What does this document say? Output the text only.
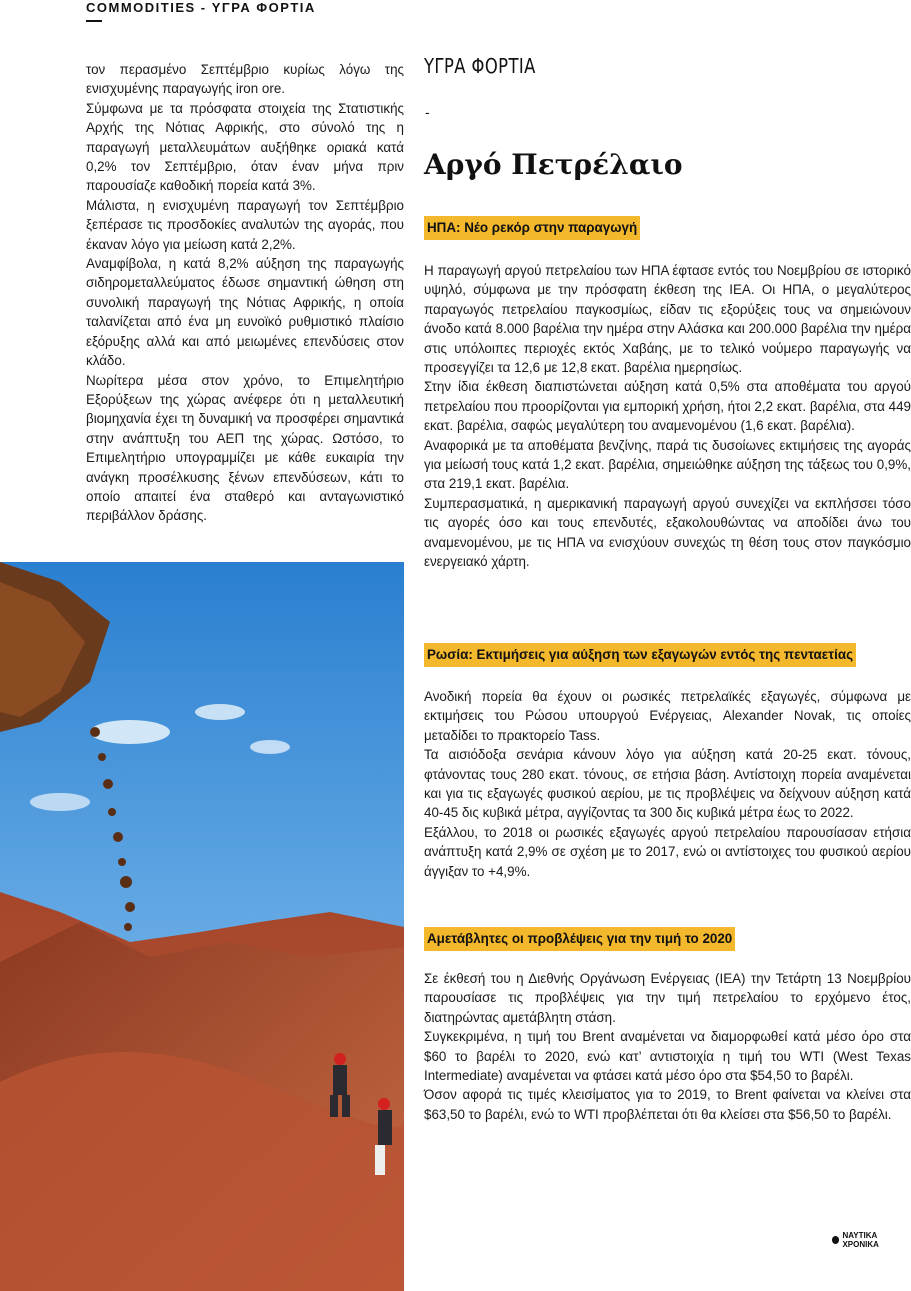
COMMODITIES - ΥΓΡΑ ΦΟΡΤΙΑ

τον περασμένο Σεπτέμβριο κυρίως λόγω της ενισχυμένης παραγωγής iron ore.

Σύμφωνα με τα πρόσφατα στοιχεία της Στατιστικής Αρχής της Νότιας Αφρικής, στο σύνολό της η παραγωγή μεταλλευμάτων αυξήθηκε οριακά κατά 0,2% τον Σεπτέμβριο, όταν έναν μήνα πριν παρουσίαζε καθοδική πορεία κατά 3%.

Μάλιστα, η ενισχυμένη παραγωγή τον Σεπτέμβριο ξεπέρασε τις προσδοκίες αναλυτών της αγοράς, που έκαναν λόγο για μείωση κατά 2,2%.

Αναμφίβολα, η κατά 8,2% αύξηση της παραγωγής σιδηρομεταλλεύματος έδωσε σημαντική ώθηση στη συνολική παραγωγή της Νότιας Αφρικής, η οποία ταλανίζεται από ένα μη ευνοϊκό ρυθμιστικό πλαίσιο εξόρυξης αλλά και από μειωμένες επενδύσεις στον κλάδο.

Νωρίτερα μέσα στον χρόνο, το Επιμελητήριο Εξορύξεων της χώρας ανέφερε ότι η μεταλλευτική βιομηχανία έχει τη δυναμική να προσφέρει σημαντικά στην ανάπτυξη του ΑΕΠ της χώρας. Ωστόσο, το Επιμελητήριο υπογραμμίζει με κάθε ευκαιρία την ανάγκη προσέλκυσης ξένων επενδύσεων, κάτι το οποίο απαιτεί ένα σταθερό και ανταγωνιστικό περιβάλλον δράσης.

ΥΓΡΑ ΦΟΡΤΙΑ
-
Αργό Πετρέλαιο
ΗΠΑ: Νέο ρεκόρ στην παραγωγή

Η παραγωγή αργού πετρελαίου των ΗΠΑ έφτασε εντός του Νοεμβρίου σε ιστορικό υψηλό, σύμφωνα με την πρόσφατη έκθεση της IEA. Οι ΗΠΑ, ο μεγαλύτερος παραγωγός πετρελαίου παγκοσμίως, είδαν τις εξορύξεις τους να σημειώνουν άνοδο κατά 8.000 βαρέλια την ημέρα στην Αλάσκα και 200.000 βαρέλια την ημέρα στις υπόλοιπες περιοχές εκτός Χαβάης, με το τελικό νούμερο παραγωγής να προσεγγίζει τα 12,6 με 12,8 εκατ. βαρέλια ημερησίως.

Στην ίδια έκθεση διαπιστώνεται αύξηση κατά 0,5% στα αποθέματα του αργού πετρελαίου που προορίζονται για εμπορική χρήση, ήτοι 2,2 εκατ. βαρέλια, στα 449 εκατ. βαρέλια, σαφώς μεγαλύτερη του αναμενομένου (1,6 εκατ. βαρέλια).

Αναφορικά με τα αποθέματα βενζίνης, παρά τις δυσοίωνες εκτιμήσεις της αγοράς για μείωσή τους κατά 1,2 εκατ. βαρέλια, σημειώθηκε αύξηση της τάξεως του 0,9%, στα 219,1 εκατ. βαρέλια.

Συμπερασματικά, η αμερικανική παραγωγή αργού συνεχίζει να εκπλήσσει τόσο τις αγορές όσο και τους επενδυτές, εξακολουθώντας να αποδίδει άνω του αναμενομένου, με τις ΗΠΑ να ενισχύουν συνεχώς τη θέση τους στον παγκόσμιο ενεργειακό χάρτη.

Ρωσία: Εκτιμήσεις για αύξηση των εξαγωγών εντός της πενταετίας

Ανοδική πορεία θα έχουν οι ρωσικές πετρελαϊκές εξαγωγές, σύμφωνα με εκτιμήσεις του Ρώσου υπουργού Ενέργειας, Alexander Novak, τις οποίες μεταδίδει το πρακτορείο Tass.

Τα αισιόδοξα σενάρια κάνουν λόγο για αύξηση κατά 20-25 εκατ. τόνους, φτάνοντας τους 280 εκατ. τόνους, σε ετήσια βάση. Αντίστοιχη πορεία αναμένεται και για τις εξαγωγές φυσικού αερίου, με τις προβλέψεις να δείχνουν αύξηση κατά 40-45 δις κυβικά μέτρα, αγγίζοντας τα 300 δις κυβικά μέτρα έως το 2022.

Εξάλλου, το 2018 οι ρωσικές εξαγωγές αργού πετρελαίου παρουσίασαν ετήσια ανάπτυξη κατά 2,9% σε σχέση με το 2017, ενώ οι αντίστοιχες του φυσικού αερίου άγγιξαν το +4,9%.

Αμετάβλητες οι προβλέψεις για την τιμή το 2020

Σε έκθεσή του η Διεθνής Οργάνωση Ενέργειας (IEA) την Τετάρτη 13 Νοεμβρίου παρουσίασε τις προβλέψεις για την τιμή πετρελαίου το ερχόμενο έτος, διατηρώντας αμετάβλητη στάση.

Συγκεκριμένα, η τιμή του Brent αναμένεται να διαμορφωθεί κατά μέσο όρο στα $60 το βαρέλι το 2020, ενώ κατ’ αντιστοιχία η τιμή του WTI (West Texas Intermediate) αναμένεται να φτάσει κατά μέσο όρο στα $54,50 το βαρέλι.

Όσον αφορά τις τιμές κλεισίματος για το 2019, το Brent φαίνεται να κλείνει στα $63,50 το βαρέλι, ενώ το WTI προβλέπεται ότι θα κλείσει στα $56,50 το βαρέλι.

ΝΑΥΤΙΚΑ ΧΡΟΝΙΚΑ
